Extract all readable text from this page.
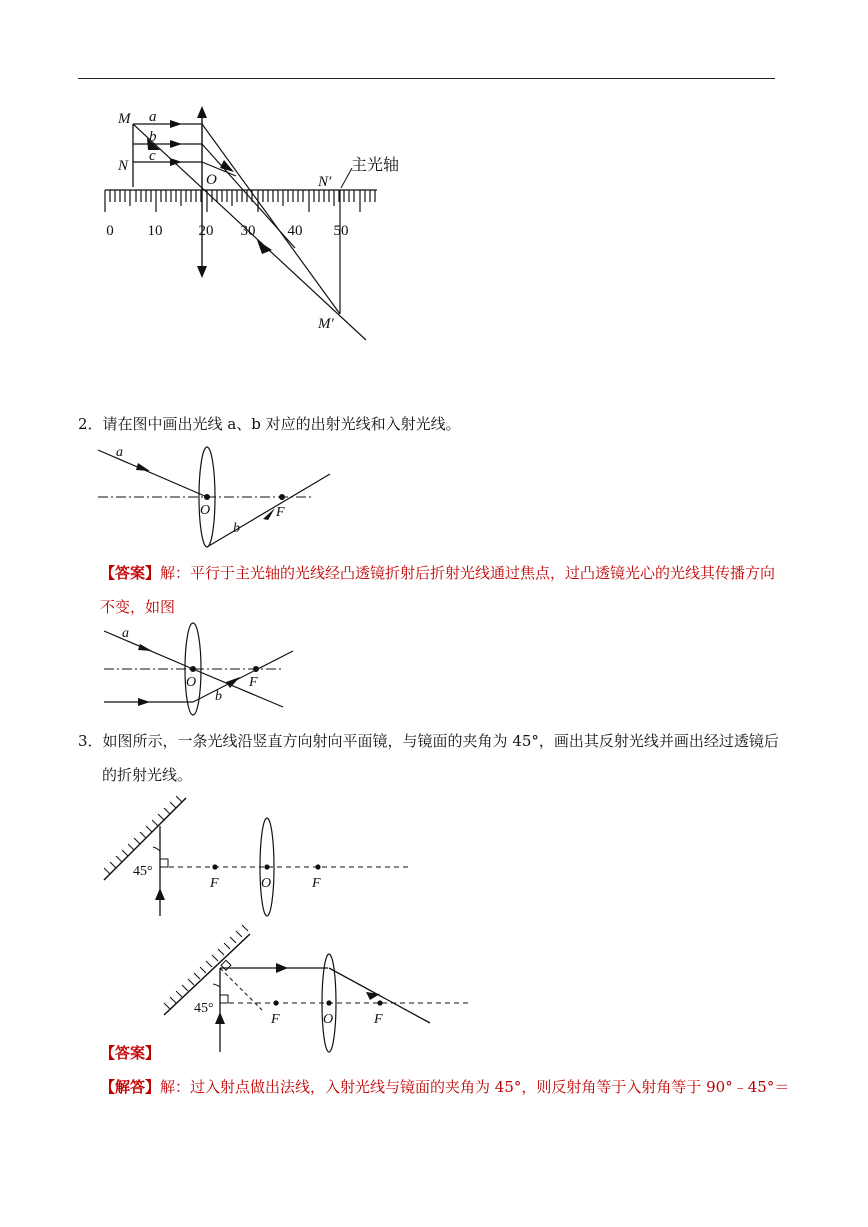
M
N
a
b
c
O	N′
M′
主光轴
0 10 20 30 40 50
2．请在图中画出光线 a、b 对应的出射光线和入射光线。
a
O
b
F
【答案】解：平行于主光轴的光线经凸透镜折射后折射光线通过焦点，过凸透镜光心的光线其传播方向
不变，如图
a
O
b
F
3．如图所示，一条光线沿竖直方向射向平面镜，与镜面的夹角为 45°，画出其反射光线并画出经过透镜后
的折射光线。
45°
F	O	F
45°
F	O	F
【答案】
【解答】解：过入射点做出法线，入射光线与镜面的夹角为 45°，则反射角等于入射角等于 90°﹣45°＝
